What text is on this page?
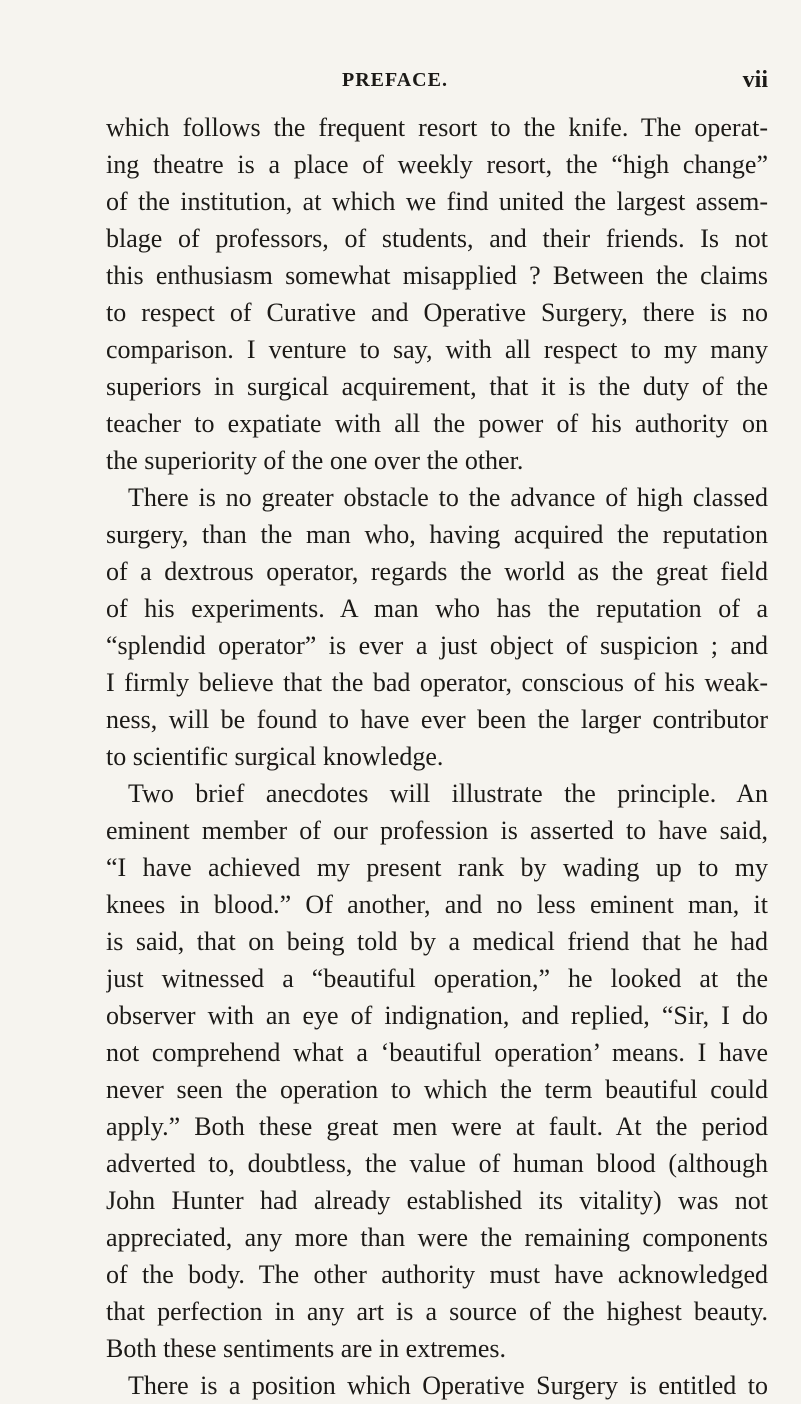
PREFACE.	vii
which follows the frequent resort to the knife. The operat-
ing theatre is a place of weekly resort, the “high change”
of the institution, at which we find united the largest assem-
blage of professors, of students, and their friends. Is not
this enthusiasm somewhat misapplied ? Between the claims
to respect of Curative and Operative Surgery, there is no
comparison. I venture to say, with all respect to my many
superiors in surgical acquirement, that it is the duty of the
teacher to expatiate with all the power of his authority on
the superiority of the one over the other.
There is no greater obstacle to the advance of high classed
surgery, than the man who, having acquired the reputation
of a dextrous operator, regards the world as the great field
of his experiments. A man who has the reputation of a
“splendid operator” is ever a just object of suspicion ; and
I firmly believe that the bad operator, conscious of his weak-
ness, will be found to have ever been the larger contributor
to scientific surgical knowledge.
Two brief anecdotes will illustrate the principle. An
eminent member of our profession is asserted to have said,
“I have achieved my present rank by wading up to my
knees in blood.” Of another, and no less eminent man, it
is said, that on being told by a medical friend that he had
just witnessed a “beautiful operation,” he looked at the
observer with an eye of indignation, and replied, “Sir, I do
not comprehend what a ‘beautiful operation’ means. I have
never seen the operation to which the term beautiful could
apply.” Both these great men were at fault. At the period
adverted to, doubtless, the value of human blood (although
John Hunter had already established its vitality) was not
appreciated, any more than were the remaining components
of the body. The other authority must have acknowledged
that perfection in any art is a source of the highest beauty.
Both these sentiments are in extremes.
There is a position which Operative Surgery is entitled to
